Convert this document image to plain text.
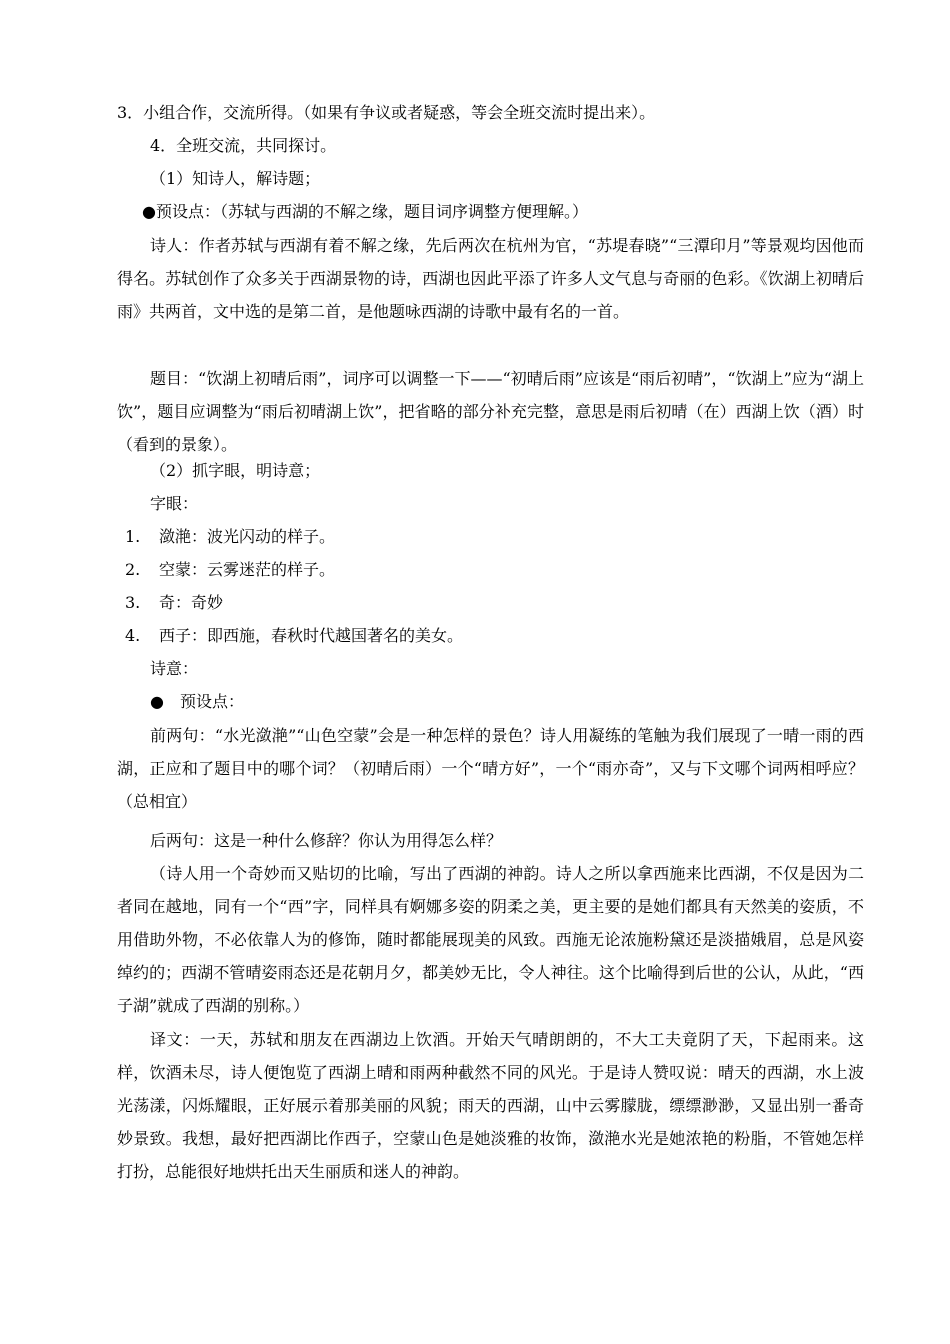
3．小组合作，交流所得。（如果有争议或者疑惑，等会全班交流时提出来）。
4．全班交流，共同探讨。
（1）知诗人，解诗题；
●预设点：（苏轼与西湖的不解之缘，题目词序调整方便理解。）
诗人：作者苏轼与西湖有着不解之缘，先后两次在杭州为官，“苏堤春晓”“三潭印月”等景观均因他而得名。苏轼创作了众多关于西湖景物的诗，西湖也因此平添了许多人文气息与奇丽的色彩。《饮湖上初晴后雨》共两首，文中选的是第二首，是他题咏西湖的诗歌中最有名的一首。
题目：“饮湖上初晴后雨”，词序可以调整一下——“初晴后雨”应该是“雨后初晴”，“饮湖上”应为“湖上饮”，题目应调整为“雨后初晴湖上饮”，把省略的部分补充完整，意思是雨后初晴（在）西湖上饮（酒）时（看到的景象）。
（2）抓字眼，明诗意；
字眼：
1. 潋滟：波光闪动的样子。
2. 空蒙：云雾迷茫的样子。
3. 奇：奇妙
4. 西子：即西施，春秋时代越国著名的美女。
诗意：
●　预设点：
前两句：“水光潋滟”“山色空蒙”会是一种怎样的景色？诗人用凝练的笔触为我们展现了一晴一雨的西湖，正应和了题目中的哪个词？（初晴后雨）一个“晴方好”，一个“雨亦奇”，又与下文哪个词两相呼应？（总相宜）
后两句：这是一种什么修辞？你认为用得怎么样？
（诗人用一个奇妙而又贴切的比喻，写出了西湖的神韵。诗人之所以拿西施来比西湖，不仅是因为二者同在越地，同有一个“西”字，同样具有婀娜多姿的阴柔之美，更主要的是她们都具有天然美的姿质，不用借助外物，不必依靠人为的修饰，随时都能展现美的风致。西施无论浓施粉黛还是淡描娥眉，总是风姿绰约的；西湖不管晴姿雨态还是花朝月夕，都美妙无比，令人神往。这个比喻得到后世的公认，从此，“西子湖”就成了西湖的别称。）
译文：一天，苏轼和朋友在西湖边上饮酒。开始天气晴朗朗的，不大工夫竟阴了天，下起雨来。这样，饮酒未尽，诗人便饱览了西湖上晴和雨两种截然不同的风光。于是诗人赞叹说：晴天的西湖，水上波光荡漾，闪烁耀眼，正好展示着那美丽的风貌；雨天的西湖，山中云雾朦胧，缥缥渺渺，又显出别一番奇妙景致。我想，最好把西湖比作西子，空蒙山色是她淡雅的妆饰，潋滟水光是她浓艳的粉脂，不管她怎样打扮，总能很好地烘托出天生丽质和迷人的神韵。
